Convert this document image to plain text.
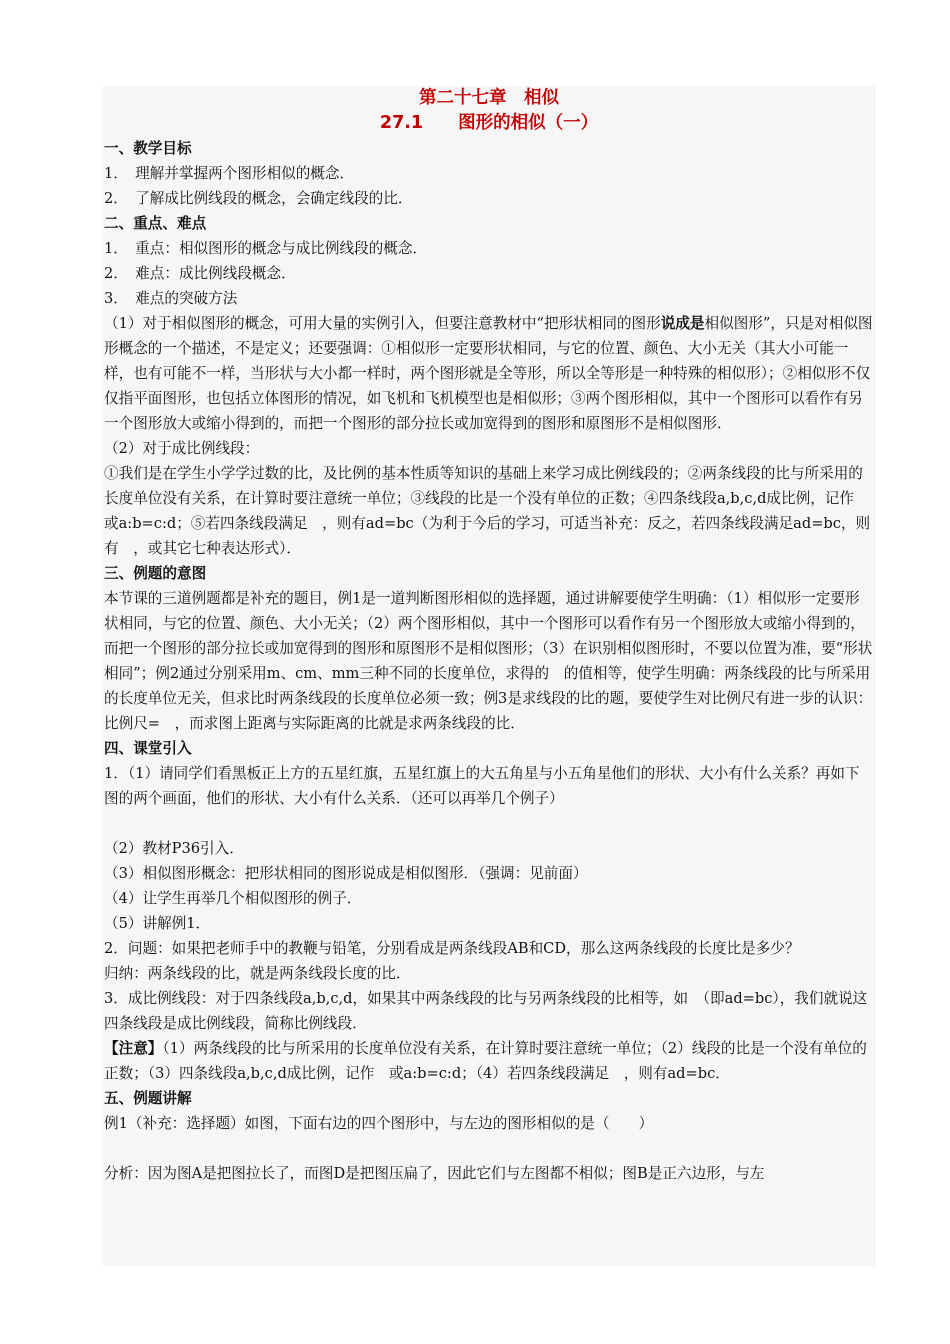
第二十七章　相似
27.1　　图形的相似（一）
一、教学目标

1．　理解并掌握两个图形相似的概念．

2．　了解成比例线段的概念，会确定线段的比．

二、重点、难点

1．　重点：相似图形的概念与成比例线段的概念．

2．　难点：成比例线段概念．

3．　难点的突破方法

（1）对于相似图形的概念，可用大量的实例引入，但要注意教材中“把形状相同的图形说成是相似图形”，只是对相似图形概念的一个描述，不是定义；还要强调：①相似形一定要形状相同，与它的位置、颜色、大小无关（其大小可能一样，也有可能不一样，当形状与大小都一样时，两个图形就是全等形，所以全等形是一种特殊的相似形）；②相似形不仅仅指平面图形，也包括立体图形的情况，如飞机和飞机模型也是相似形；③两个图形相似，其中一个图形可以看作有另一个图形放大或缩小得到的，而把一个图形的部分拉长或加宽得到的图形和原图形不是相似图形．

（2）对于成比例线段：

①我们是在学生小学学过数的比，及比例的基本性质等知识的基础上来学习成比例线段的；②两条线段的比与所采用的长度单位没有关系，在计算时要注意统一单位；③线段的比是一个没有单位的正数；④四条线段a,b,c,d成比例，记作　或a:b=c:d；⑤若四条线段满足　，则有ad=bc（为利于今后的学习，可适当补充：反之，若四条线段满足ad=bc，则有　，或其它七种表达形式）．

三、例题的意图

本节课的三道例题都是补充的题目，例1是一道判断图形相似的选择题，通过讲解要使学生明确：（1）相似形一定要形状相同，与它的位置、颜色、大小无关；（2）两个图形相似，其中一个图形可以看作有另一个图形放大或缩小得到的，而把一个图形的部分拉长或加宽得到的图形和原图形不是相似图形；（3）在识别相似图形时，不要以位置为准，要“形状相同”；例2通过分别采用m、cm、mm三种不同的长度单位，求得的　的值相等，使学生明确：两条线段的比与所采用的长度单位无关，但求比时两条线段的长度单位必须一致；例3是求线段的比的题，要使学生对比例尺有进一步的认识：比例尺=　，而求图上距离与实际距离的比就是求两条线段的比．

四、课堂引入

1．（1）请同学们看黑板正上方的五星红旗，五星红旗上的大五角星与小五角星他们的形状、大小有什么关系？再如下图的两个画面，他们的形状、大小有什么关系．（还可以再举几个例子）

（2）教材P36引入．

（3）相似图形概念：把形状相同的图形说成是相似图形．（强调：见前面）

（4）让学生再举几个相似图形的例子．

（5）讲解例1．

2．问题：如果把老师手中的教鞭与铅笔，分别看成是两条线段AB和CD，那么这两条线段的长度比是多少？

归纳：两条线段的比，就是两条线段长度的比．

3．成比例线段：对于四条线段a,b,c,d，如果其中两条线段的比与另两条线段的比相等，如　（即ad=bc），我们就说这四条线段是成比例线段，简称比例线段．

【注意】（1）两条线段的比与所采用的长度单位没有关系，在计算时要注意统一单位；（2）线段的比是一个没有单位的正数；（3）四条线段a,b,c,d成比例，记作　或a:b=c:d；（4）若四条线段满足　，则有ad=bc．

五、例题讲解

例1（补充：选择题）如图，下面右边的四个图形中，与左边的图形相似的是（　　）

分析：因为图A是把图拉长了，而图D是把图压扁了，因此它们与左图都不相似；图B是正六边形，与左
